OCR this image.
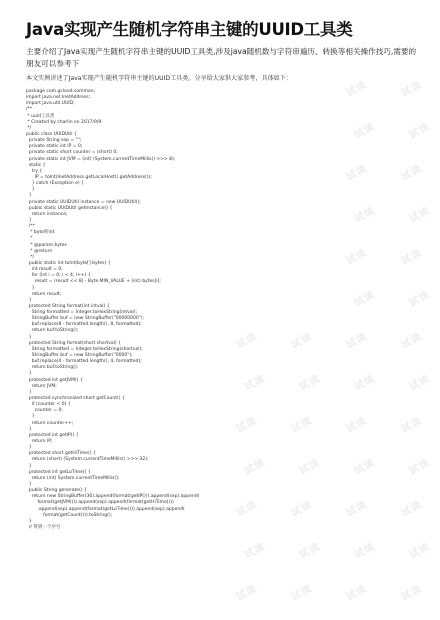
Java实现产生随机字符串主键的UUID工具类
主要介绍了Java实现产生随机字符串主键的UUID工具类,涉及java随机数与字符串遍历、转换等相关操作技巧,需要的朋友可以参考下
本文实例讲述了Java实现产生随机字符串主键的UUID工具类。分享给大家供大家参考，具体如下：
package com.gcloud.common;
import java.net.InetAddress;
import java.util.UUID;
/**
* uuid工具类
* Created by charlin on 2017/9/9.
*/
public class UUIDUtil {
private String sep = "";
private static int IP = 0;
private static short counter = (short) 0;
private static int JVM = (int) (System.currentTimeMillis() >>> 8);
static {
try {
IP = toInt(InetAddress.getLocalHost().getAddress());
} catch (Exception e) {
}
}
private static UUIDUtil instance = new UUIDUtil();
public static UUIDUtil getInstance() {
return instance;
}
/**
* byte转int
*
* @param bytes
* @return
*/
public static int toInt(byte[] bytes) {
int result = 0;
for (int i = 0; i < 4; i++) {
result = (result << 8) - Byte.MIN_VALUE + (int) bytes[i];
}
return result;
}
protected String format(int intval) {
String formatted = Integer.toHexString(intval);
StringBuffer buf = new StringBuffer("00000000");
buf.replace(8 - formatted.length(), 8, formatted);
return buf.toString();
}
protected String format(short shortval) {
String formatted = Integer.toHexString(shortval);
StringBuffer buf = new StringBuffer("0000");
buf.replace(4 - formatted.length(), 4, formatted);
return buf.toString();
}
protected int getJVM() {
return JVM;
}
protected synchronized short getCount() {
if (counter < 0) {
counter = 0;
}
return counter++;
}
protected int getIP() {
return IP;
}
protected short getHiTime() {
return (short) (System.currentTimeMillis() >>> 32);
}
protected int getLoTime() {
return (int) System.currentTimeMillis();
}
public String generate() {
return new StringBuffer(36).append(format(getIP())).append(sep).append(
format(getJVM())).append(sep).append(format(getHiTime()))
.append(sep).append(format(getLoTime())).append(sep).append(
format(getCount())).toString();
}
// 得到一个序号
试读	试读
试读	试读
试读	试读
试读	试读
试读	试读
试读	试读
试读	试读	试读	试读
试读	试读	试读	试读
试读	试读	试读	试读
试读	试读	试读	试读
试读	试读	试读	试读
试读	试读	试读	试读
试读	试读	试读	试读
